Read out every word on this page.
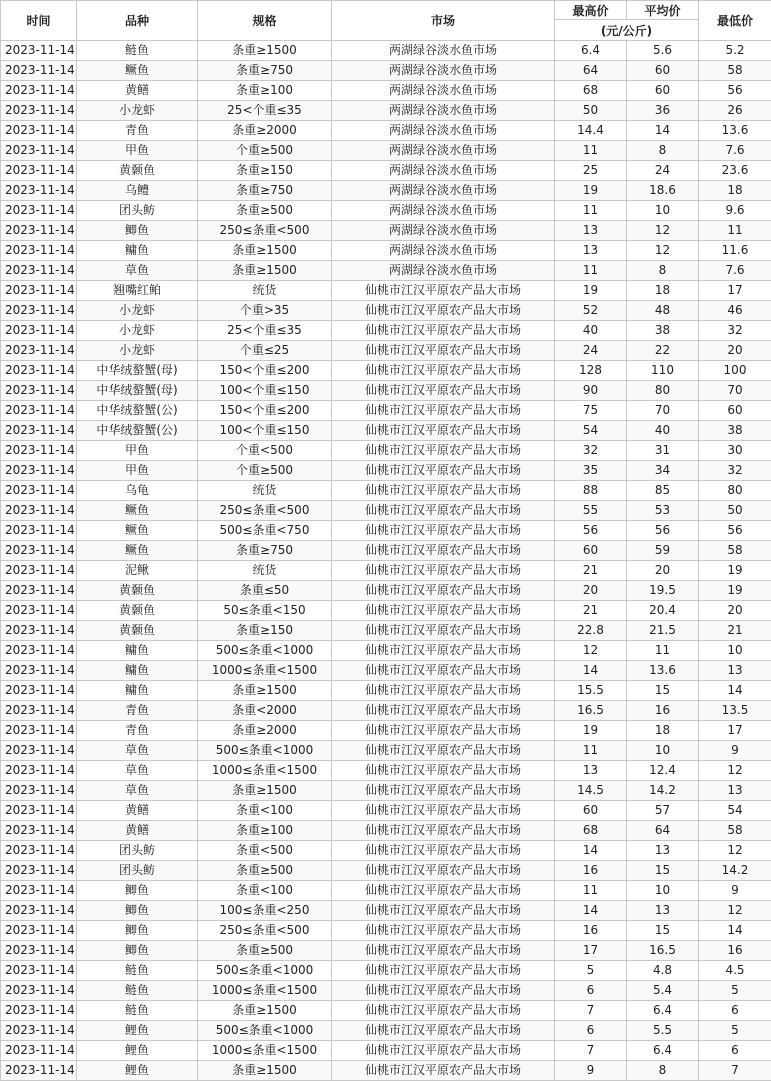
时间	品种	规格	市场	最高价	平均价	最低价
				(元/公斤)		
2023-11-14	鲢鱼	条重≥1500	两湖绿谷淡水鱼市场	6.4	5.6	5.2
2023-11-14	鳜鱼	条重≥750	两湖绿谷淡水鱼市场	64	60	58
2023-11-14	黄鳝	条重≥100	两湖绿谷淡水鱼市场	68	60	56
2023-11-14	小龙虾	25<个重≤35	两湖绿谷淡水鱼市场	50	36	26
2023-11-14	青鱼	条重≥2000	两湖绿谷淡水鱼市场	14.4	14	13.6
2023-11-14	甲鱼	个重≥500	两湖绿谷淡水鱼市场	11	8	7.6
2023-11-14	黄颡鱼	条重≥150	两湖绿谷淡水鱼市场	25	24	23.6
2023-11-14	乌鳢	条重≥750	两湖绿谷淡水鱼市场	19	18.6	18
2023-11-14	团头鲂	条重≥500	两湖绿谷淡水鱼市场	11	10	9.6
2023-11-14	鲫鱼	250≤条重<500	两湖绿谷淡水鱼市场	13	12	11
2023-11-14	鳙鱼	条重≥1500	两湖绿谷淡水鱼市场	13	12	11.6
2023-11-14	草鱼	条重≥1500	两湖绿谷淡水鱼市场	11	8	7.6
2023-11-14	翘嘴红鲌	统货	仙桃市江汉平原农产品大市场	19	18	17
2023-11-14	小龙虾	个重>35	仙桃市江汉平原农产品大市场	52	48	46
2023-11-14	小龙虾	25<个重≤35	仙桃市江汉平原农产品大市场	40	38	32
2023-11-14	小龙虾	个重≤25	仙桃市江汉平原农产品大市场	24	22	20
2023-11-14	中华绒螯蟹(母)	150<个重≤200	仙桃市江汉平原农产品大市场	128	110	100
2023-11-14	中华绒螯蟹(母)	100<个重≤150	仙桃市江汉平原农产品大市场	90	80	70
2023-11-14	中华绒螯蟹(公)	150<个重≤200	仙桃市江汉平原农产品大市场	75	70	60
2023-11-14	中华绒螯蟹(公)	100<个重≤150	仙桃市江汉平原农产品大市场	54	40	38
2023-11-14	甲鱼	个重<500	仙桃市江汉平原农产品大市场	32	31	30
2023-11-14	甲鱼	个重≥500	仙桃市江汉平原农产品大市场	35	34	32
2023-11-14	乌龟	统货	仙桃市江汉平原农产品大市场	88	85	80
2023-11-14	鳜鱼	250≤条重<500	仙桃市江汉平原农产品大市场	55	53	50
2023-11-14	鳜鱼	500≤条重<750	仙桃市江汉平原农产品大市场	56	56	56
2023-11-14	鳜鱼	条重≥750	仙桃市江汉平原农产品大市场	60	59	58
2023-11-14	泥鳅	统货	仙桃市江汉平原农产品大市场	21	20	19
2023-11-14	黄颡鱼	条重≤50	仙桃市江汉平原农产品大市场	20	19.5	19
2023-11-14	黄颡鱼	50≤条重<150	仙桃市江汉平原农产品大市场	21	20.4	20
2023-11-14	黄颡鱼	条重≥150	仙桃市江汉平原农产品大市场	22.8	21.5	21
2023-11-14	鳙鱼	500≤条重<1000	仙桃市江汉平原农产品大市场	12	11	10
2023-11-14	鳙鱼	1000≤条重<1500	仙桃市江汉平原农产品大市场	14	13.6	13
2023-11-14	鳙鱼	条重≥1500	仙桃市江汉平原农产品大市场	15.5	15	14
2023-11-14	青鱼	条重<2000	仙桃市江汉平原农产品大市场	16.5	16	13.5
2023-11-14	青鱼	条重≥2000	仙桃市江汉平原农产品大市场	19	18	17
2023-11-14	草鱼	500≤条重<1000	仙桃市江汉平原农产品大市场	11	10	9
2023-11-14	草鱼	1000≤条重<1500	仙桃市江汉平原农产品大市场	13	12.4	12
2023-11-14	草鱼	条重≥1500	仙桃市江汉平原农产品大市场	14.5	14.2	13
2023-11-14	黄鳝	条重<100	仙桃市江汉平原农产品大市场	60	57	54
2023-11-14	黄鳝	条重≥100	仙桃市江汉平原农产品大市场	68	64	58
2023-11-14	团头鲂	条重<500	仙桃市江汉平原农产品大市场	14	13	12
2023-11-14	团头鲂	条重≥500	仙桃市江汉平原农产品大市场	16	15	14.2
2023-11-14	鲫鱼	条重<100	仙桃市江汉平原农产品大市场	11	10	9
2023-11-14	鲫鱼	100≤条重<250	仙桃市江汉平原农产品大市场	14	13	12
2023-11-14	鲫鱼	250≤条重<500	仙桃市江汉平原农产品大市场	16	15	14
2023-11-14	鲫鱼	条重≥500	仙桃市江汉平原农产品大市场	17	16.5	16
2023-11-14	鲢鱼	500≤条重<1000	仙桃市江汉平原农产品大市场	5	4.8	4.5
2023-11-14	鲢鱼	1000≤条重<1500	仙桃市江汉平原农产品大市场	6	5.4	5
2023-11-14	鲢鱼	条重≥1500	仙桃市江汉平原农产品大市场	7	6.4	6
2023-11-14	鲤鱼	500≤条重<1000	仙桃市江汉平原农产品大市场	6	5.5	5
2023-11-14	鲤鱼	1000≤条重<1500	仙桃市江汉平原农产品大市场	7	6.4	6
2023-11-14	鲤鱼	条重≥1500	仙桃市江汉平原农产品大市场	9	8	7
